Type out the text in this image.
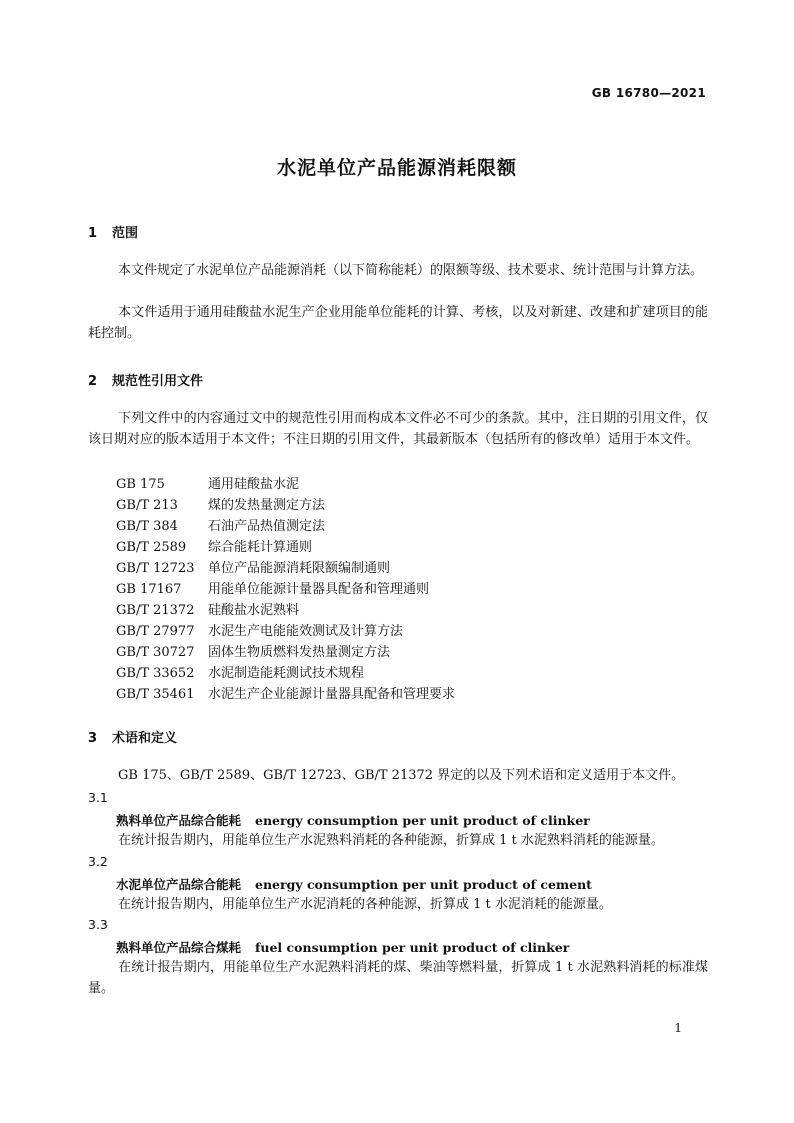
GB 16780—2021
水泥单位产品能源消耗限额
1 范围
本文件规定了水泥单位产品能源消耗（以下简称能耗）的限额等级、技术要求、统计范围与计算方法。
本文件适用于通用硅酸盐水泥生产企业用能单位能耗的计算、考核，以及对新建、改建和扩建项目的能耗控制。
2 规范性引用文件
下列文件中的内容通过文中的规范性引用而构成本文件必不可少的条款。其中，注日期的引用文件，仅该日期对应的版本适用于本文件；不注日期的引用文件，其最新版本（包括所有的修改单）适用于本文件。
GB 175 	通用硅酸盐水泥
GB/T 213  煤的发热量测定方法
GB/T 384  石油产品热值测定法
GB/T 2589  综合能耗计算通则
GB/T 12723  单位产品能源消耗限额编制通则
GB 17167  用能单位能源计量器具配备和管理通则
GB/T 21372  硅酸盐水泥熟料
GB/T 27977  水泥生产电能能效测试及计算方法
GB/T 30727  固体生物质燃料发热量测定方法
GB/T 33652  水泥制造能耗测试技术规程
GB/T 35461  水泥生产企业能源计量器具配备和管理要求
3 术语和定义
GB 175、GB/T 2589、GB/T 12723、GB/T 21372 界定的以及下列术语和定义适用于本文件。
3.1
熟料单位产品综合能耗 energy consumption per unit product of clinker
在统计报告期内，用能单位生产水泥熟料消耗的各种能源，折算成 1 t 水泥熟料消耗的能源量。
3.2
水泥单位产品综合能耗 energy consumption per unit product of cement
在统计报告期内，用能单位生产水泥消耗的各种能源，折算成 1 t 水泥消耗的能源量。
3.3
熟料单位产品综合煤耗 fuel consumption per unit product of clinker
在统计报告期内，用能单位生产水泥熟料消耗的煤、柴油等燃料量，折算成 1 t 水泥熟料消耗的标准煤量。
1
